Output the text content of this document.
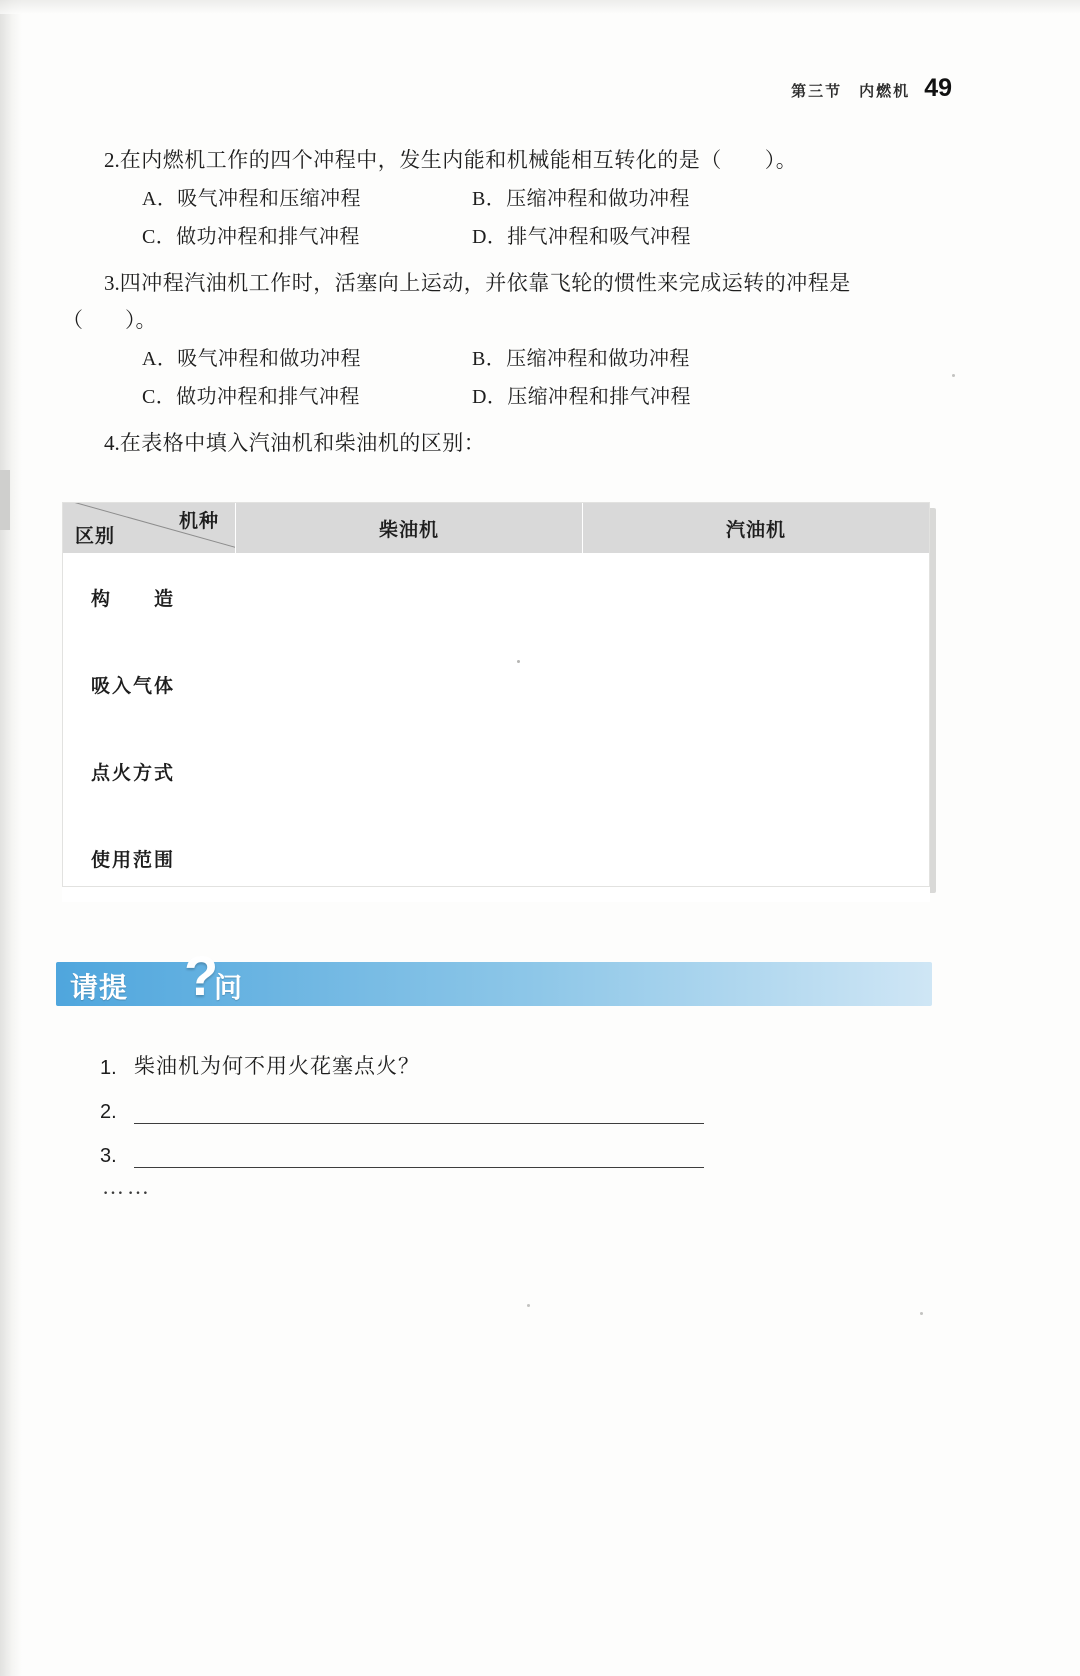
第三节　内燃机 49
2.在内燃机工作的四个冲程中，发生内能和机械能相互转化的是（　　）。
A．吸气冲程和压缩冲程	B．压缩冲程和做功冲程
C．做功冲程和排气冲程	D．排气冲程和吸气冲程
3.四冲程汽油机工作时，活塞向上运动，并依靠飞轮的惯性来完成运转的冲程是
（　　）。
A．吸气冲程和做功冲程	B．压缩冲程和做功冲程
C．做功冲程和排气冲程	D．压缩冲程和排气冲程
4.在表格中填入汽油机和柴油机的区别：
区别
机种	柴油机	汽油机
构　　造		
吸入气体		
点火方式		
使用范围		
请提 ?
问
1. 柴油机为何不用火花塞点火？
2.
3.
……
